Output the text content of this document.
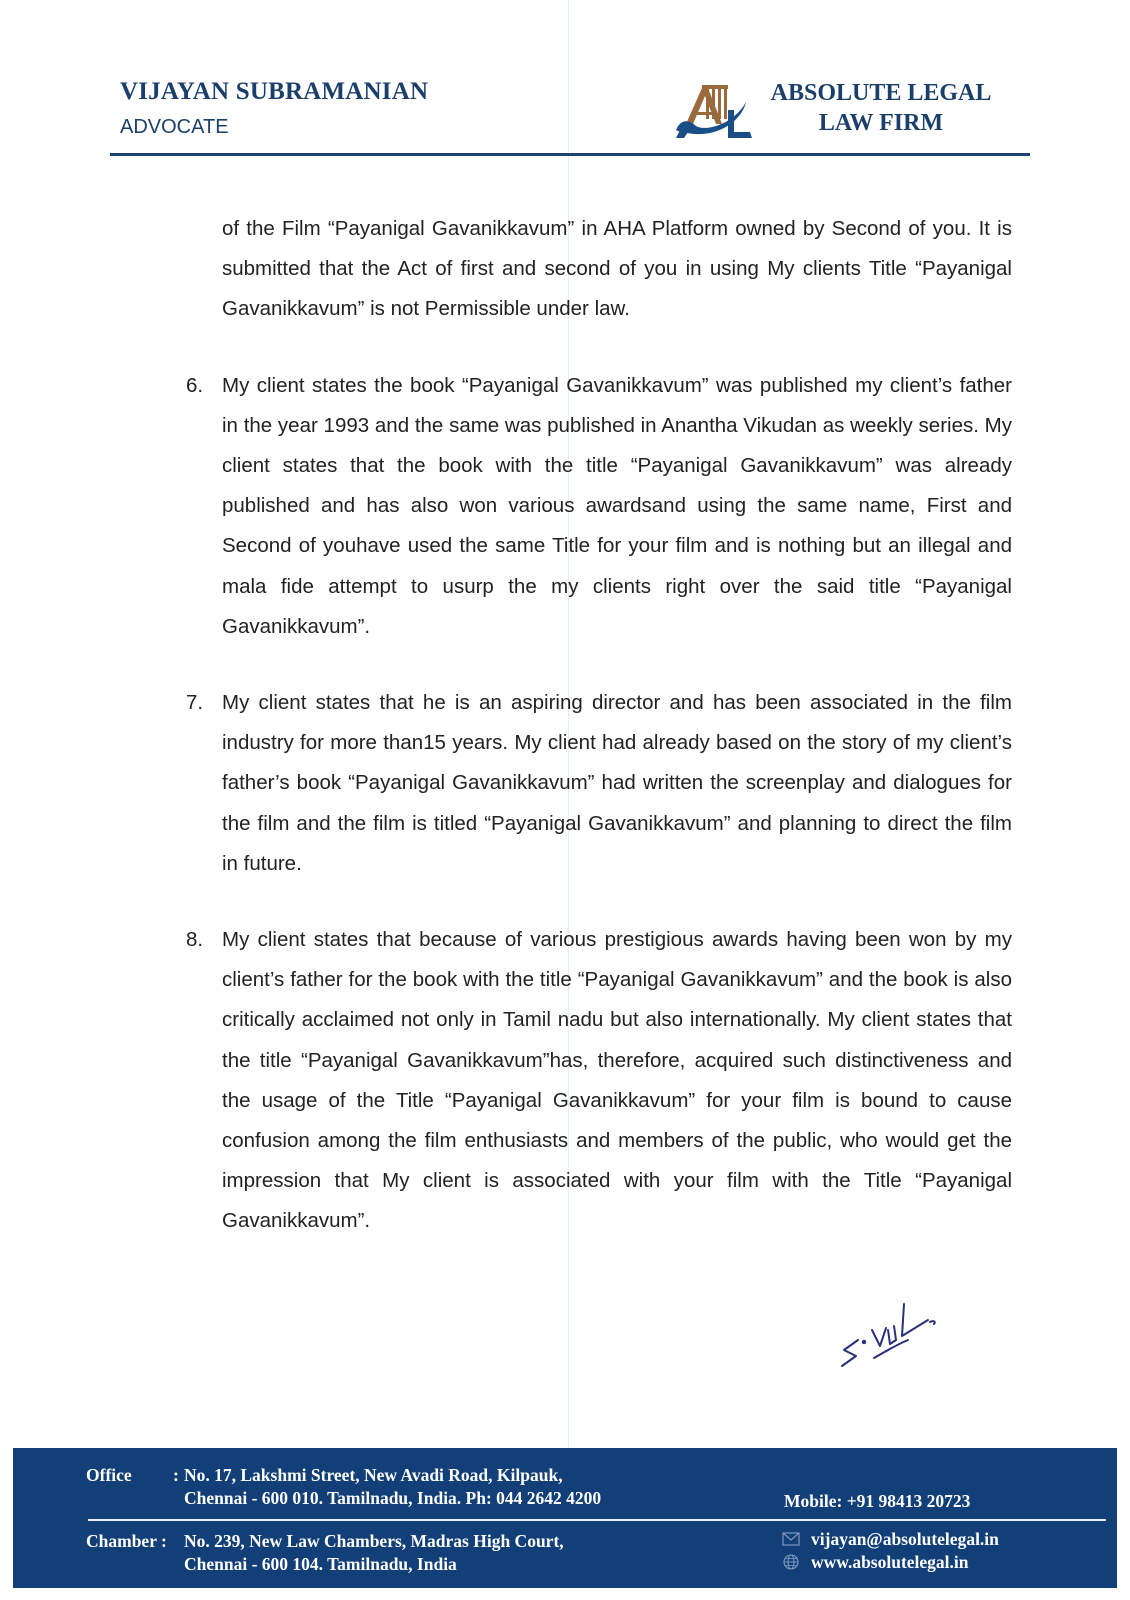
VIJAYAN SUBRAMANIAN
ADVOCATE
ABSOLUTE LEGAL
LAW FIRM

of the Film “Payanigal Gavanikkavum” in AHA Platform owned by Second of you. It is submitted that the Act of first and second of you in using My clients Title “Payanigal Gavanikkavum” is not Permissible under law.

6. My client states the book “Payanigal Gavanikkavum” was published my client’s father in the year 1993 and the same was published in Anantha Vikudan as weekly series. My client states that the book with the title “Payanigal Gavanikkavum” was already published and has also won various awardsand using the same name, First and Second of youhave used the same Title for your film and is nothing but an illegal and mala fide attempt to usurp the my clients right over the said title “Payanigal Gavanikkavum”.
7. My client states that he is an aspiring director and has been associated in the film industry for more than15 years. My client had already based on the story of my client’s father’s book “Payanigal Gavanikkavum” had written the screenplay and dialogues for the film and the film is titled “Payanigal Gavanikkavum” and planning to direct the film in future.
8. My client states that because of various prestigious awards having been won by my client’s father for the book with the title “Payanigal Gavanikkavum” and the book is also critically acclaimed not only in Tamil nadu but also internationally. My client states that the title “Payanigal Gavanikkavum”has, therefore, acquired such distinctiveness and the usage of the Title “Payanigal Gavanikkavum” for your film is bound to cause confusion among the film enthusiasts and members of the public, who would get the impression that My client is associated with your film with the Title “Payanigal Gavanikkavum”.
Office : No. 17, Lakshmi Street, New Avadi Road, Kilpauk,
Chennai - 600 010. Tamilnadu, India. Ph: 044 2642 4200	Mobile: +91 98413 20723
Chamber : No. 239, New Law Chambers, Madras High Court,
Chennai - 600 104. Tamilnadu, India
vijayan@absolutelegal.in
www.absolutelegal.in
